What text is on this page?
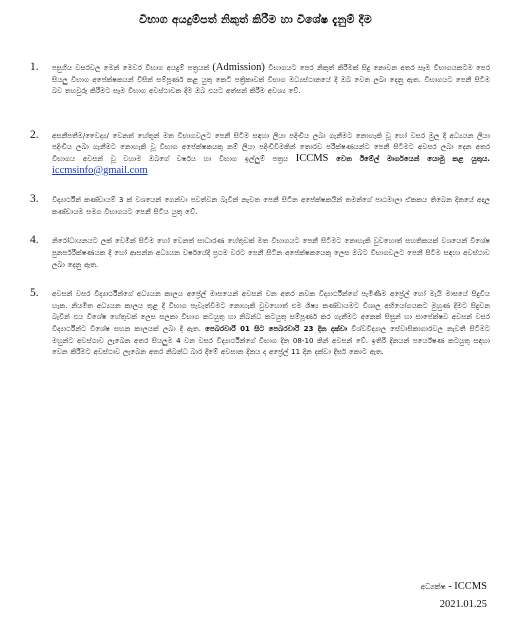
විභාග අයදුම්පත් නිකුත් කිරීම හා විශේෂ දැනුම් දීම
1.	පසුගිය වසරවල මෙන් මෙවර විභාග අයදුම් පත්‍රයක් (Admission) විභාගයට පෙර නිකුත් කිරීමක් සිදු නොවන අතර සෑම විභාගයකටම පෙර සියලු විභාග අපේක්ෂකයන් විසින් සම්පූර්ණ කළ යුතු කෙටි පත්‍රිකාවක් විභාග මධ්‍යස්ථානයේ දී ඔබ වෙත ලබා දෙනු ඇත. විභාගයට පෙනී සිටීම බව තහවුරු කිරීමට සෑම විභාග අවස්ථාවක දීම ඔබ එයට අත්සන් කිරීම අවශ්‍ය වේ.
2.	අසනීපතීම/වෛද්‍ය/ වෙනත් හේතූන් මත විභාගවලට පෙනී සිටීම සඳහා ලියා පදිංචිය ලබා ගැනීමට නොහැකි වූ හෝ වසර මුල දී අධ්‍යයන ලියා පදිංචිය ලබා ගැනීමට නොහැකි වූ විභාග අපේක්ෂකයකු නම් ලියා පදිංචිවීමකින් තොරව පරීක්ෂණයන්ට පෙනී සිටීමට අවසර ලබා දෙන අතර විභාගය අවසන් වූ වහාම ඔබගේ වර්ෂය හා විභාග ඉල්ලුම් පත්‍රය ICCMS වෙත ඊමේල් මාර්ගයෙන් යොමු කළ යුතුය. iccmsinfo@gmail.com
3.	විද්‍යාර්ථීන් කණ්ඩායම් 3 ක් වශයෙන් ගෙන්වා පවත්වන බැවින් නැවත පෙනී සිටින අපේක්ෂකයින් තමන්ගේ පාඨමාලා ඒකකය තිබෙන දිනයේ අදාල කණ්ඩායම සමග විභාගයට පෙනී සිටිය යුතු වේ.
4.	නිරෝධායනයට ලක් වෙමින් සිටීම හෝ වෙනත් සාධාරණ හේතුවක් මත විභාගයට පෙනී සිටීමට නොහැකි වුවහොත් සහතිකයක් වශයෙන් විශේෂ පුනර්පරීක්ෂණයක දී හෝ ආසන්න අධ්‍යයන වර්ෂයේදී ප්‍රථම වරට පෙනී සිටින අපේක්ෂකයෙකු ලෙස ඔබට විභාගවලට පෙනී සිටීම සඳහා අවස්ථාව ලබා දෙනු ඇත.
5.	අවසන් වසර විද්‍යාර්ථීන්ගේ අධ්‍යයන කාලය අප්‍රේල් මාසයෙන් අවසන් වන අතර නවක විද්‍යාර්ථීන්ගේ පැමිණීම අප්‍රේල් හෝ මැයි මාසයේ සිදුවිය හැක. නියමිත අධ්‍යයන කාලය තුළ දී විභාග පැවැත්වීමට නොහැකි වුවහොත් එම ශිෂ්‍ය කණ්ඩායමට විශාල අභියෝගයකට මුහුණ දීමට සිදුවන බැවින් එය විශේෂ හේතුවක් ලෙස සලකා විභාග කටයුතු හා නිබන්ධ කටයුතු සම්පූර්ණ කර ගැනීමට අනෙක් සිසුන් හා සාපේක්ෂව අවසන් වසර විද්‍යාර්ථීන්ට විශේෂ සහන කාලයක් ලබා දී ඇත. පෙබරවාරි 01 සිට පෙබරවාරි 23 දින දක්වා විශ්වවිද්‍යාල සේවාසිකාගාරවල නැවතී සිටීමට මහුන්ට අවස්ථාව ලැබෙන අතර සියලුම 4 වන වසර විද්‍යාර්ථීන්ගේ විභාග දින 08-10 කින් අවසන් වේ. ඉතිරි දිනයන් පර්යේෂණ කටයුතු සඳහා වෙන කිරීමට අවස්ථාව ලැබෙන අතර නිබන්ධ බාර දීමේ අවසාන දිනය ද අප්‍රේල් 11 දින දක්වා දීර්ඝ කොට ඇත.
අධ්‍යක්ෂ - ICCMS
2021.01.25
